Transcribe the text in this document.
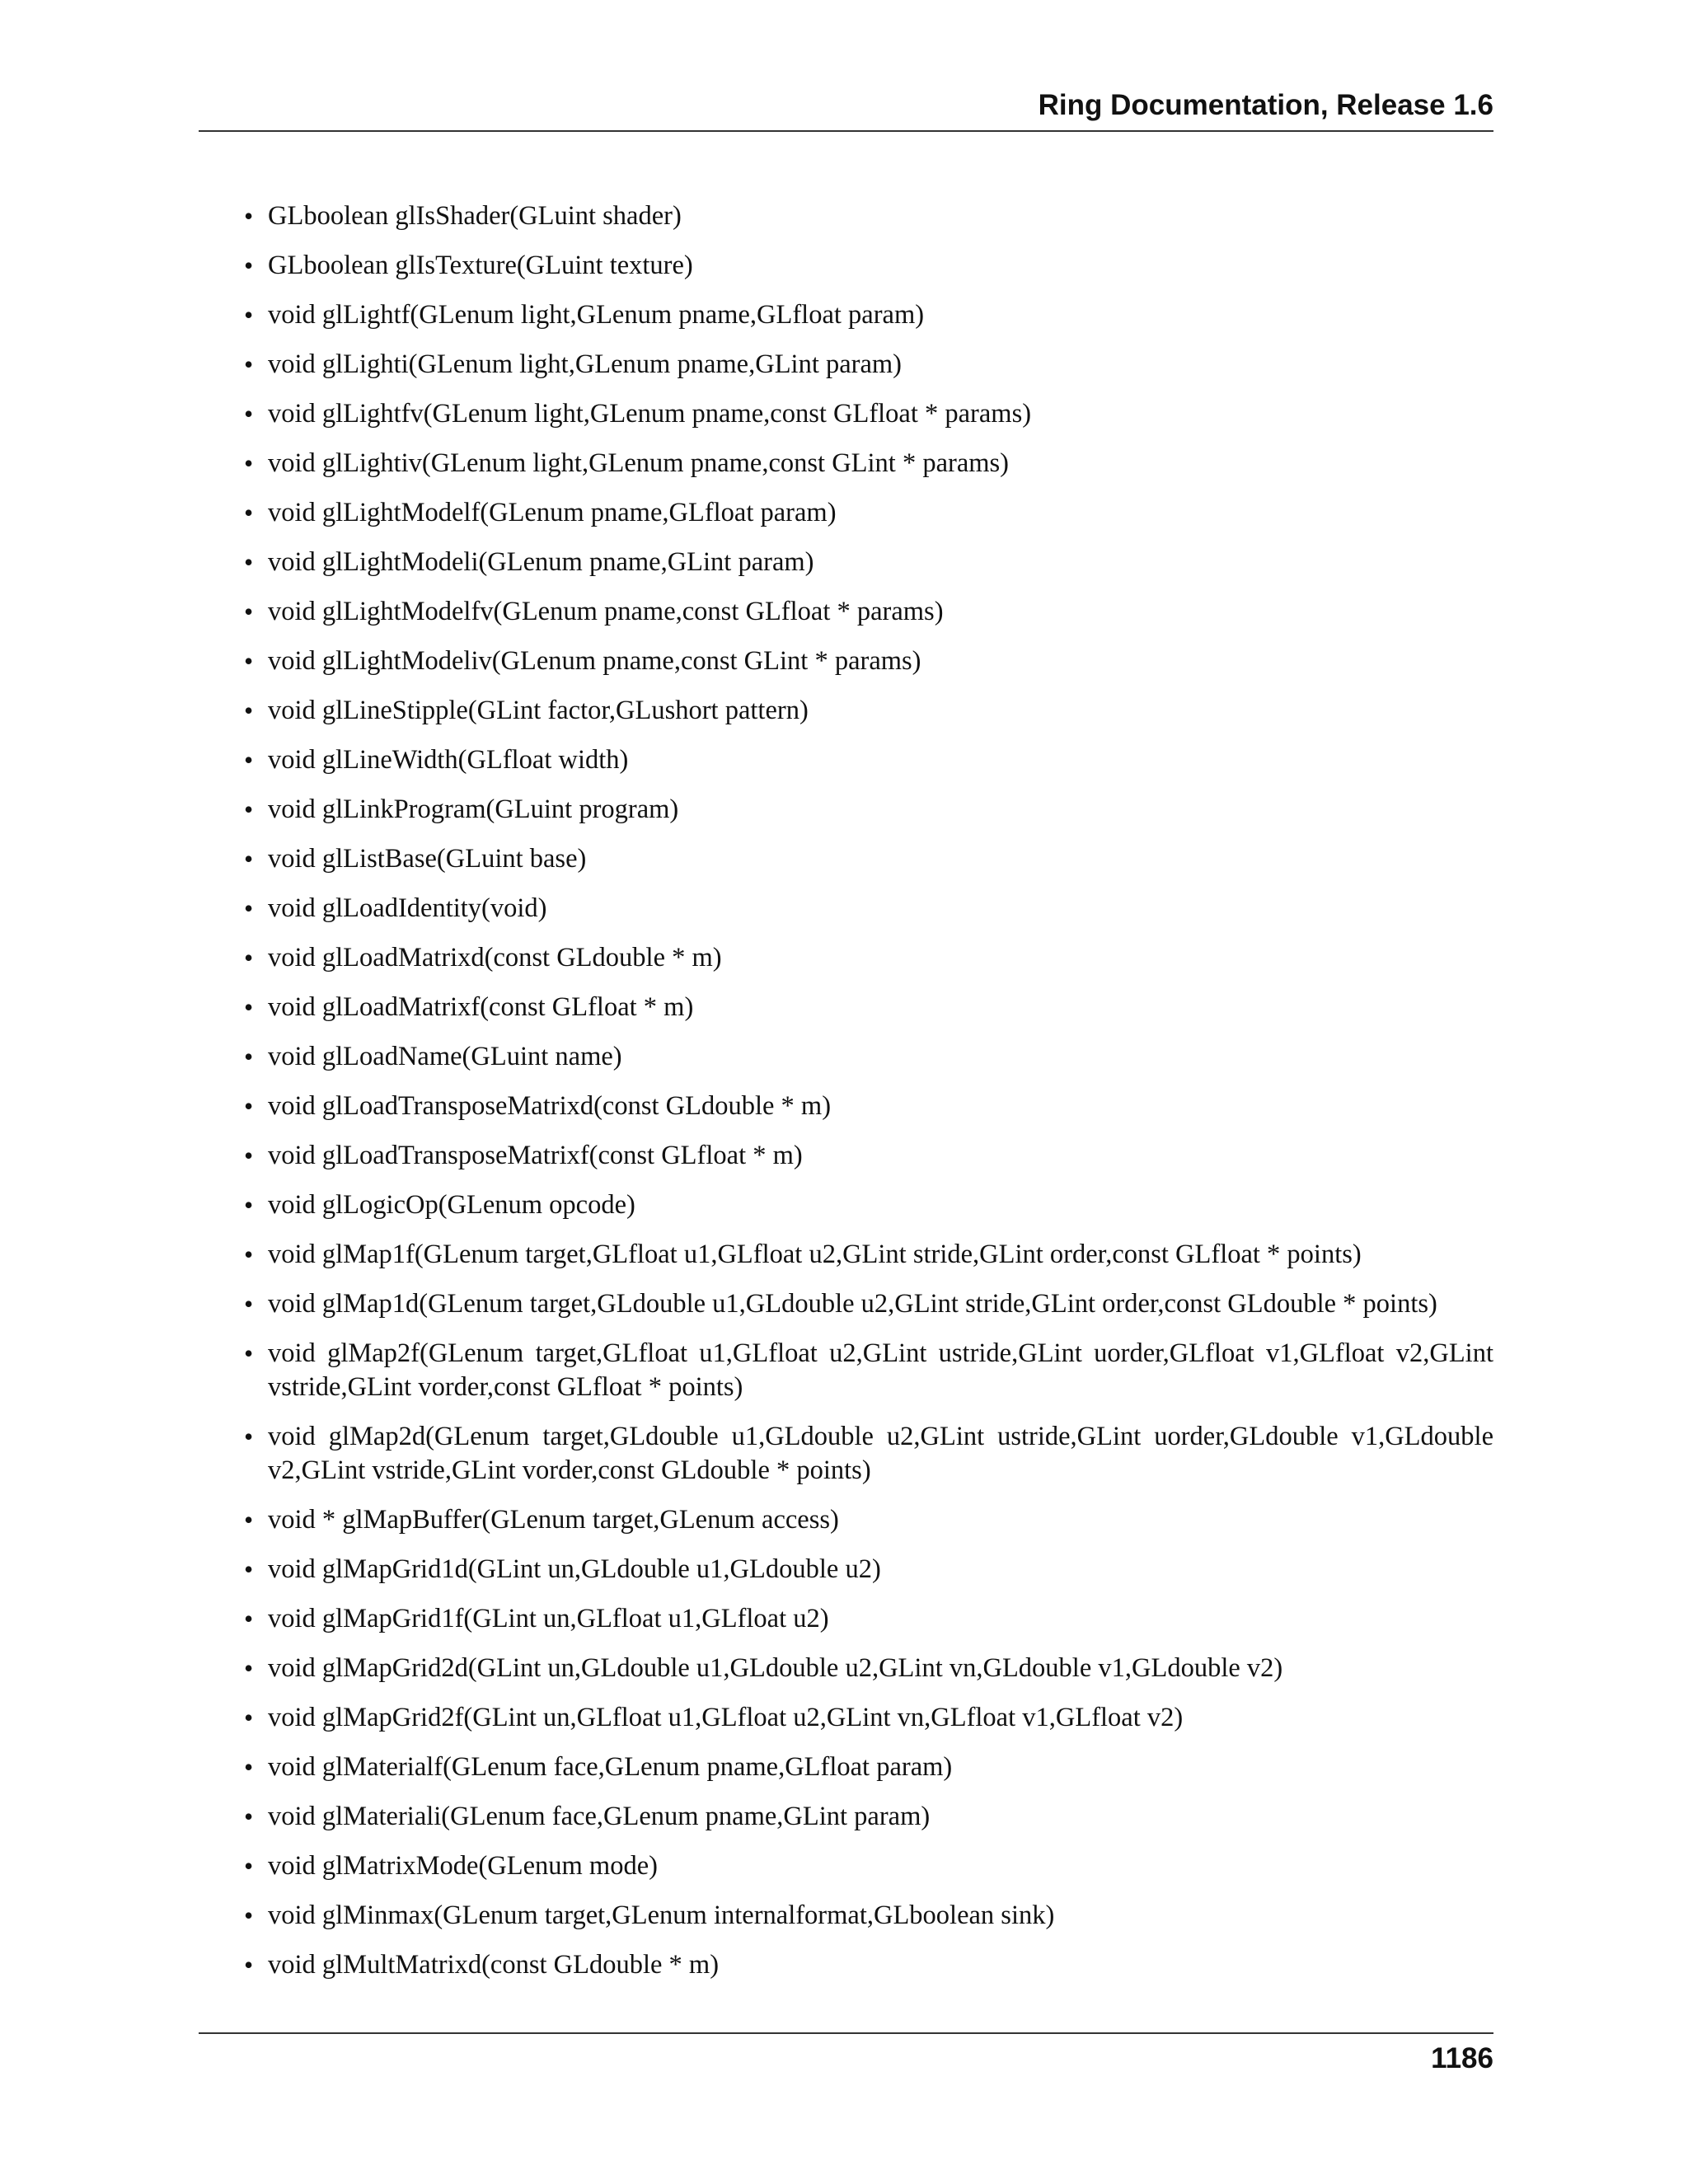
Ring Documentation, Release 1.6
• GLboolean glIsShader(GLuint shader)
• GLboolean glIsTexture(GLuint texture)
• void glLightf(GLenum light,GLenum pname,GLfloat param)
• void glLighti(GLenum light,GLenum pname,GLint param)
• void glLightfv(GLenum light,GLenum pname,const GLfloat * params)
• void glLightiv(GLenum light,GLenum pname,const GLint * params)
• void glLightModelf(GLenum pname,GLfloat param)
• void glLightModeli(GLenum pname,GLint param)
• void glLightModelfv(GLenum pname,const GLfloat * params)
• void glLightModeliv(GLenum pname,const GLint * params)
• void glLineStipple(GLint factor,GLushort pattern)
• void glLineWidth(GLfloat width)
• void glLinkProgram(GLuint program)
• void glListBase(GLuint base)
• void glLoadIdentity(void)
• void glLoadMatrixd(const GLdouble * m)
• void glLoadMatrixf(const GLfloat * m)
• void glLoadName(GLuint name)
• void glLoadTransposeMatrixd(const GLdouble * m)
• void glLoadTransposeMatrixf(const GLfloat * m)
• void glLogicOp(GLenum opcode)
• void glMap1f(GLenum target,GLfloat u1,GLfloat u2,GLint stride,GLint order,const GLfloat * points)
• void glMap1d(GLenum target,GLdouble u1,GLdouble u2,GLint stride,GLint order,const GLdouble * points)
• void glMap2f(GLenum target,GLfloat u1,GLfloat u2,GLint ustride,GLint uorder,GLfloat v1,GLfloat v2,GLint vstride,GLint vorder,const GLfloat * points)
• void glMap2d(GLenum target,GLdouble u1,GLdouble u2,GLint ustride,GLint uorder,GLdouble v1,GLdouble v2,GLint vstride,GLint vorder,const GLdouble * points)
• void * glMapBuffer(GLenum target,GLenum access)
• void glMapGrid1d(GLint un,GLdouble u1,GLdouble u2)
• void glMapGrid1f(GLint un,GLfloat u1,GLfloat u2)
• void glMapGrid2d(GLint un,GLdouble u1,GLdouble u2,GLint vn,GLdouble v1,GLdouble v2)
• void glMapGrid2f(GLint un,GLfloat u1,GLfloat u2,GLint vn,GLfloat v1,GLfloat v2)
• void glMaterialf(GLenum face,GLenum pname,GLfloat param)
• void glMateriali(GLenum face,GLenum pname,GLint param)
• void glMatrixMode(GLenum mode)
• void glMinmax(GLenum target,GLenum internalformat,GLboolean sink)
• void glMultMatrixd(const GLdouble * m)
1186
